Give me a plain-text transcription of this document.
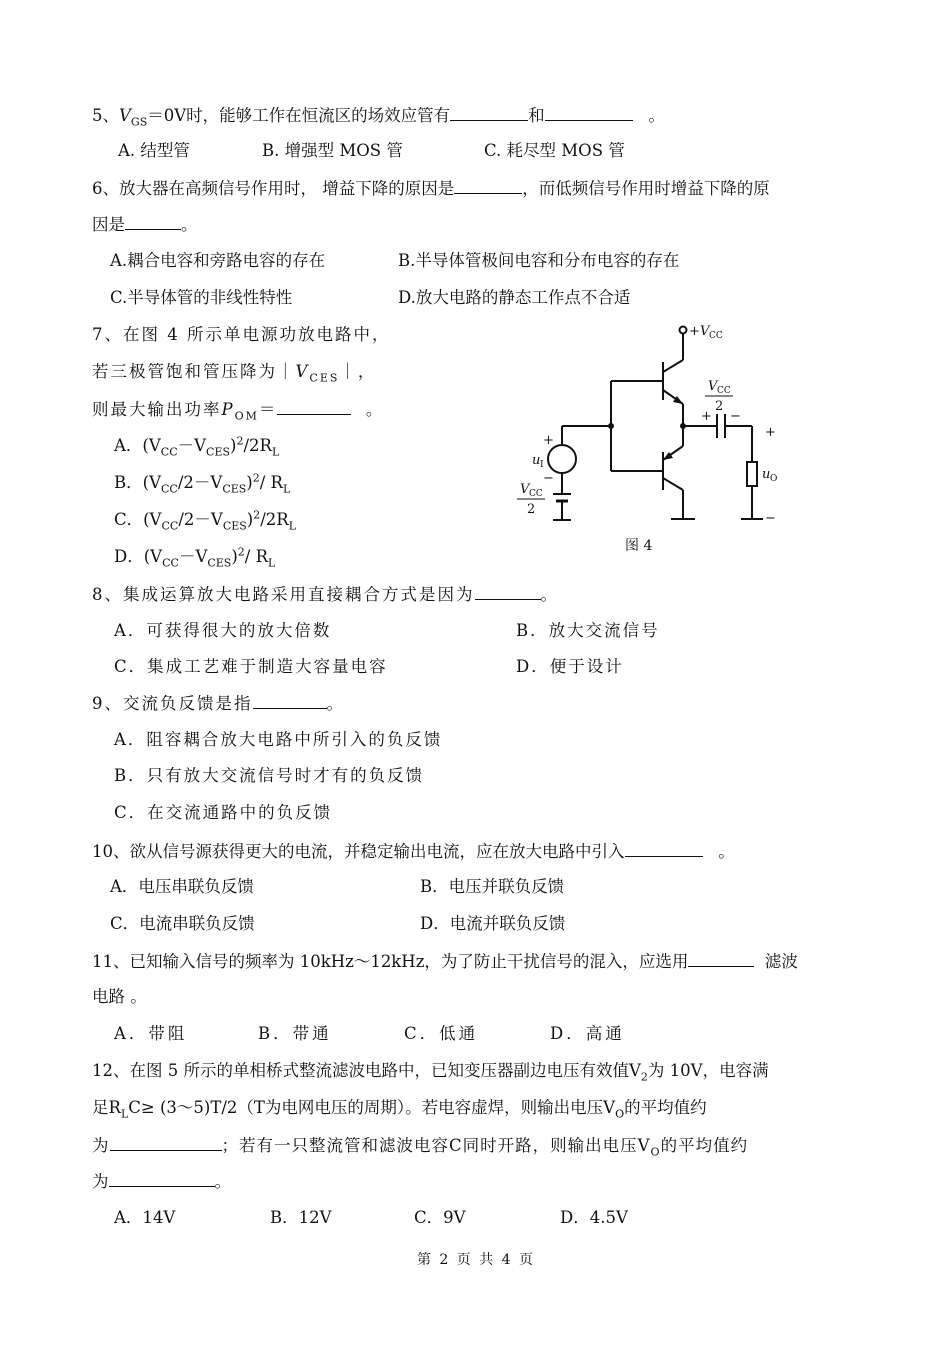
5、$V_{GS}=0V$时，能够工作在恒流区的场效应管有	和	。
A. 结型管	B. 增强型 MOS 管	C. 耗尽型 MOS 管
6、放大器在高频信号作用时， 增益下降的原因是	，而低频信号作用时增益下降的原
因是	。
A.耦合电容和旁路电容的存在	B.半导体管极间电容和分布电容的存在
C.半导体管的非线性特性	D.放大电路的静态工作点不合适
7、在图 4 所示单电源功放电路中，
若三极管饱和管压降为$|V_{CES}|$，
则最大输出功率$P_{OM}=$	。
A．$(V_{CC}-V_{CES})^2/2R_L$
B．$(V_{CC}/2-V_{CES})^2/$ $R_L$
C．$(V_{CC}/2-V_{CES})^2/2R_L$
D．$(V_{CC}-V_{CES})^2/$ $R_L$
+ V CC
V CC
2
+ −
+
u O
−
+
u I
−
V CC
2
图 4
8、集成运算放大电路采用直接耦合方式是因为	。
A．可获得很大的放大倍数	B．放大交流信号
C．集成工艺难于制造大容量电容	D．便于设计
9、交流负反馈是指	。
A．阻容耦合放大电路中所引入的负反馈
B．只有放大交流信号时才有的负反馈
C．在交流通路中的负反馈
10、欲从信号源获得更大的电流，并稳定输出电流，应在放大电路中引入	。
A．电压串联负反馈	B．电压并联负反馈
C．电流串联负反馈	D．电流并联负反馈
11、已知输入信号的频率为 10kHz～12kHz，为了防止干扰信号的混入，应选用	滤波
电路 。
A．带阻	B．带通	C．低通	D．高通
12、在图 5 所示的单相桥式整流滤波电路中，已知变压器副边电压有效值$V_2$为 10V，电容满
足$R_LC\ge$ (3～5)T/2（T为电网电压的周期）。若电容虚焊，则输出电压$V_O$的平均值约
为	；若有一只整流管和滤波电容C同时开路，则输出电压$V_O$的平均值约
为	。
A．14V	B．12V	C．9V	D．4.5V
第 2 页 共 4 页
